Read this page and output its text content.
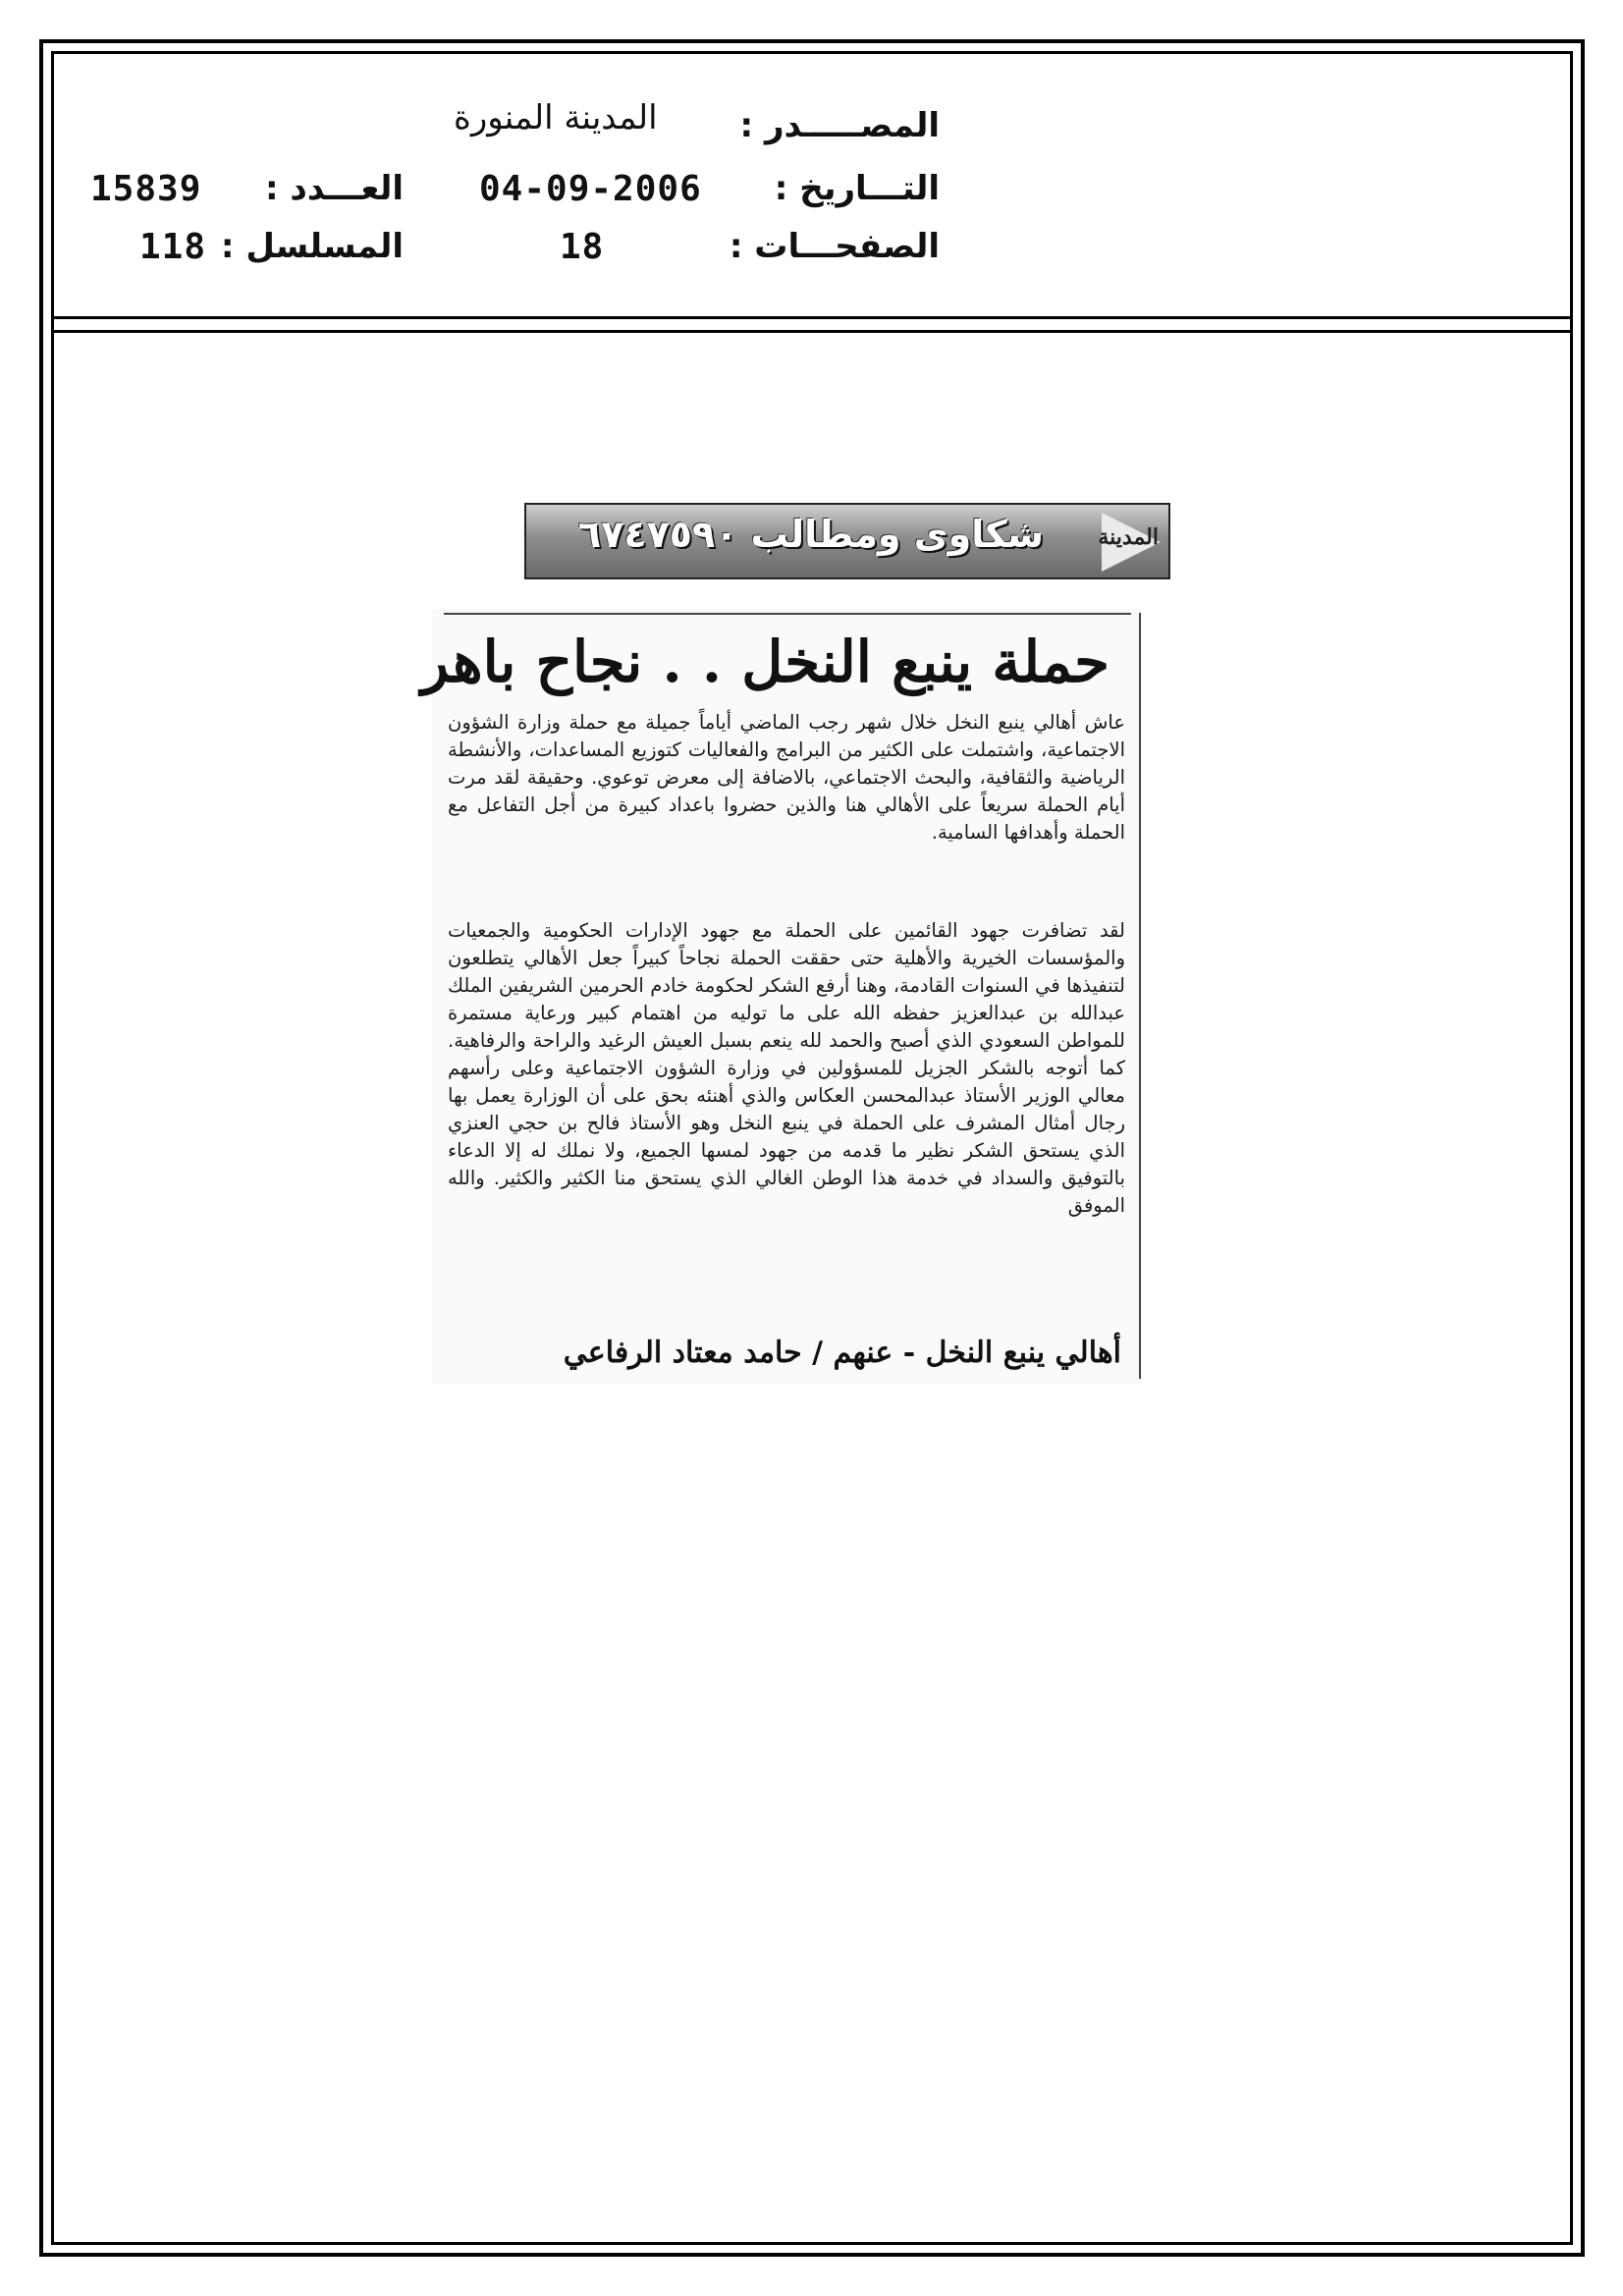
المصـــــدر :
المدينة المنورة
التـــاريخ :
04-09-2006
الصفحـــات :
18
العـــدد :
15839
المسلسل :
118
شكاوى ومطالب ٦٧٤٧٥٩٠	المدينة
حملة ينبع النخل . . نجاح باهر
عاش أهالي ينبع النخل خلال شهر رجب الماضي أياماً جميلة مع حملة وزارة الشؤون الاجتماعية، واشتملت على الكثير من البرامج والفعاليات كتوزيع المساعدات، والأنشطة الرياضية والثقافية، والبحث الاجتماعي، بالاضافة إلى معرض توعوي. وحقيقة لقد مرت أيام الحملة سريعاً على الأهالي هنا والذين حضروا باعداد كبيرة من أجل التفاعل مع الحملة وأهدافها السامية.
لقد تضافرت جهود القائمين على الحملة مع جهود الإدارات الحكومية والجمعيات والمؤسسات الخيرية والأهلية حتى حققت الحملة نجاحاً كبيراً جعل الأهالي يتطلعون لتنفيذها في السنوات القادمة، وهنا أرفع الشكر لحكومة خادم الحرمين الشريفين الملك عبدالله بن عبدالعزيز حفظه الله على ما توليه من اهتمام كبير ورعاية مستمرة للمواطن السعودي الذي أصبح والحمد لله ينعم بسبل العيش الرغيد والراحة والرفاهية. كما أتوجه بالشكر الجزيل للمسؤولين في وزارة الشؤون الاجتماعية وعلى رأسهم معالي الوزير الأستاذ عبدالمحسن العكاس والذي أهنئه بحق على أن الوزارة يعمل بها رجال أمثال المشرف على الحملة في ينبع النخل وهو الأستاذ فالح بن حجي العنزي الذي يستحق الشكر نظير ما قدمه من جهود لمسها الجميع، ولا نملك له إلا الدعاء بالتوفيق والسداد في خدمة هذا الوطن الغالي الذي يستحق منا الكثير والكثير. والله الموفق
أهالي ينبع النخل - عنهم / حامد معتاد الرفاعي
